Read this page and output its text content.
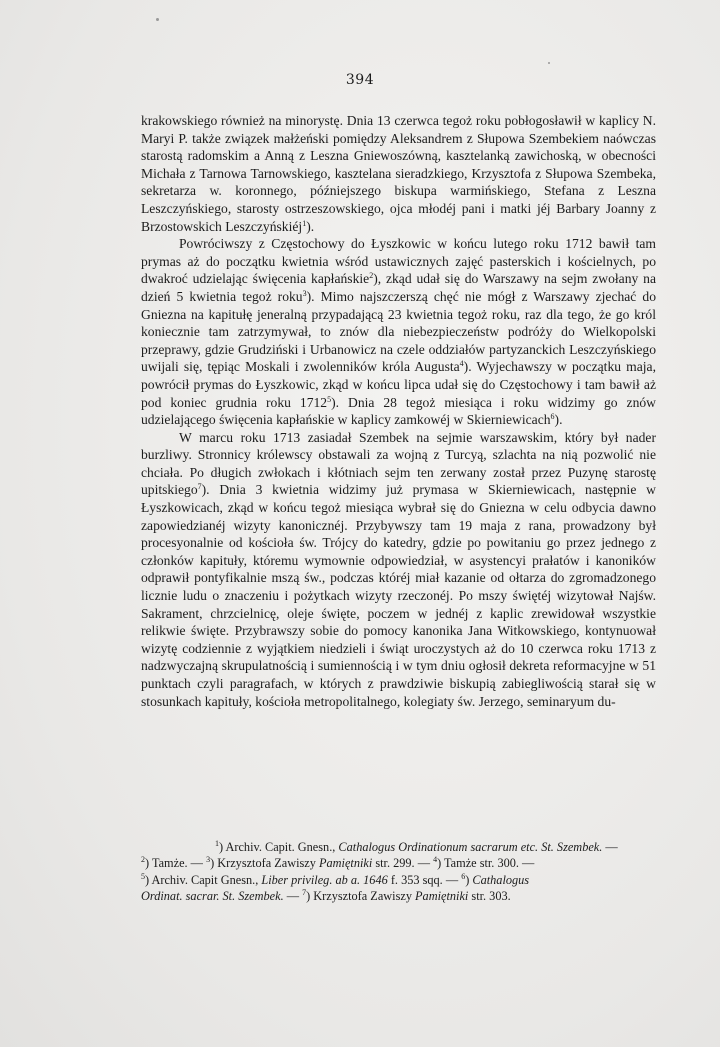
394

krakowskiego również na minorystę. Dnia 13 czerwca tegoż roku pobłogosławił w kaplicy N. Maryi P. także związek małżeński pomiędzy Aleksandrem z Słupowa Szembekiem naówczas starostą radomskim a Anną z Leszna Gniewoszówną, kasztelanką zawichoską, w obecności Michała z Tarnowa Tarnowskiego, kasztelana sieradzkiego, Krzysztofa z Słupowa Szembeka, sekretarza w. koronnego, późniejszego biskupa warmińskiego, Stefana z Leszna Leszczyńskiego, starosty ostrzeszowskiego, ojca młodéj pani i matki jéj Barbary Joanny z Brzostowskich Leszczyńskiéj$^1$).

Powróciwszy z Częstochowy do Łyszkowic w końcu lutego roku 1712 bawił tam prymas aż do początku kwietnia wśród ustawicznych zajęć pasterskich i kościelnych, po dwakroć udzielając święcenia kapłańskie$^2$), zkąd udał się do Warszawy na sejm zwołany na dzień 5 kwietnia tegoż roku$^3$). Mimo najszczerszą chęć nie mógł z Warszawy zjechać do Gniezna na kapitułę jeneralną przypadającą 23 kwietnia tegoż roku, raz dla tego, że go król koniecznie tam zatrzymywał, to znów dla niebezpieczeństw podróży do Wielkopolski przeprawy, gdzie Grudziński i Urbanowicz na czele oddziałów partyzanckich Leszczyńskiego uwijali się, tępiąc Moskali i zwolenników króla Augusta$^4$). Wyjechawszy w początku maja, powrócił prymas do Łyszkowic, zkąd w końcu lipca udał się do Częstochowy i tam bawił aż pod koniec grudnia roku 1712$^5$). Dnia 28 tegoż miesiąca i roku widzimy go znów udzielającego święcenia kapłańskie w kaplicy zamkowéj w Skierniewicach$^6$).

W marcu roku 1713 zasiadał Szembek na sejmie warszawskim, który był nader burzliwy. Stronnicy królewscy obstawali za wojną z Turcyą, szlachta na nią pozwolić nie chciała. Po długich zwłokach i kłótniach sejm ten zerwany został przez Puzynę starostę upitskiego$^7$). Dnia 3 kwietnia widzimy już prymasa w Skierniewicach, następnie w Łyszkowicach, zkąd w końcu tegoż miesiąca wybrał się do Gniezna w celu odbycia dawno zapowiedzianéj wizyty kanonicznéj. Przybywszy tam 19 maja z rana, prowadzony był procesyonalnie od kościoła św. Trójcy do katedry, gdzie po powitaniu go przez jednego z członków kapituły, któremu wymownie odpowiedział, w asystencyi prałatów i kanoników odprawił pontyfikalnie mszą św., podczas któréj miał kazanie od ołtarza do zgromadzonego licznie ludu o znaczeniu i pożytkach wizyty rzeczonéj. Po mszy świętéj wizytował Najśw. Sakrament, chrzcielnicę, oleje święte, poczem w jednéj z kaplic zrewidował wszystkie relikwie święte. Przybrawszy sobie do pomocy kanonika Jana Witkowskiego, kontynuował wizytę codziennie z wyjątkiem niedzieli i świąt uroczystych aż do 10 czerwca roku 1713 z nadzwyczajną skrupulatnością i sumiennością i w tym dniu ogłosił dekreta reformacyjne w 51 punktach czyli paragrafach, w których z prawdziwie biskupią zabiegliwością starał się w stosunkach kapituły, kościoła metropolitalnego, kolegiaty św. Jerzego, seminaryum du-

$^1$) Archiv. Capit. Gnesn., Cathalogus Ordinationum sacrarum etc. St. Szembek. —
$^2$) Tamże. — $^3$) Krzysztofa Zawiszy Pamiętniki str. 299. — $^4$) Tamże str. 300. —
$^5$) Archiv. Capit Gnesn., Liber privileg. ab a. 1646 f. 353 sqq. — $^6$) Cathalogus
Ordinat. sacrar. St. Szembek. — $^7$) Krzysztofa Zawiszy Pamiętniki str. 303.
